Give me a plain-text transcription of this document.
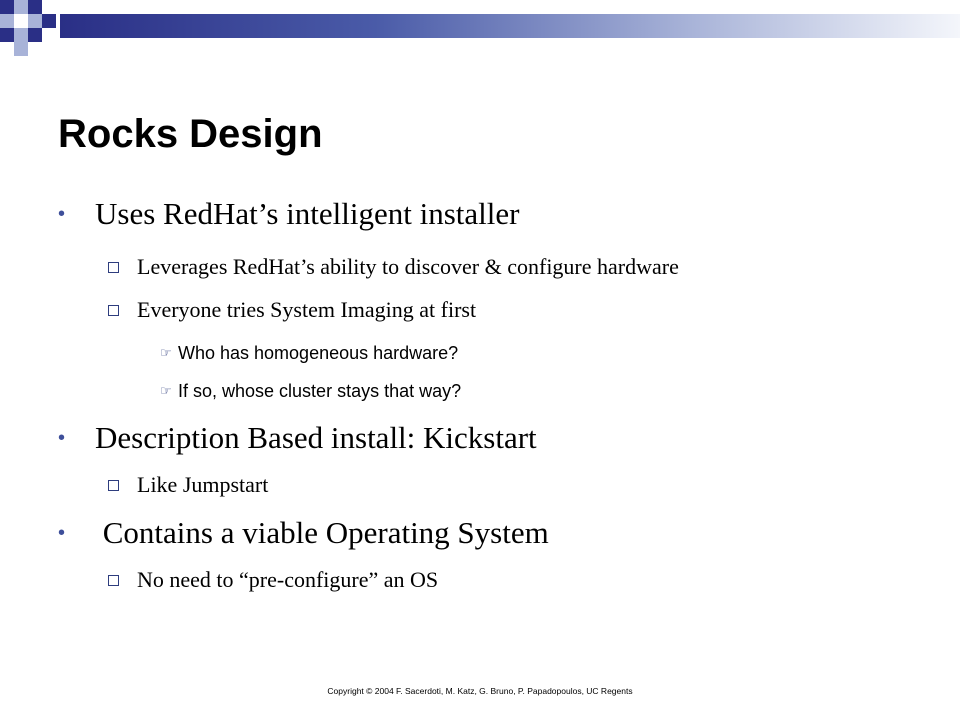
Rocks Design
• Uses RedHat’s intelligent installer
Leverages RedHat’s ability to discover & configure hardware
Everyone tries System Imaging at first
☞ Who has homogeneous hardware?
☞ If so, whose cluster stays that way?
• Description Based install: Kickstart
Like Jumpstart
• Contains a viable Operating System
No need to “pre-configure” an OS
Copyright © 2004 F. Sacerdoti, M. Katz, G. Bruno, P. Papadopoulos, UC Regents
